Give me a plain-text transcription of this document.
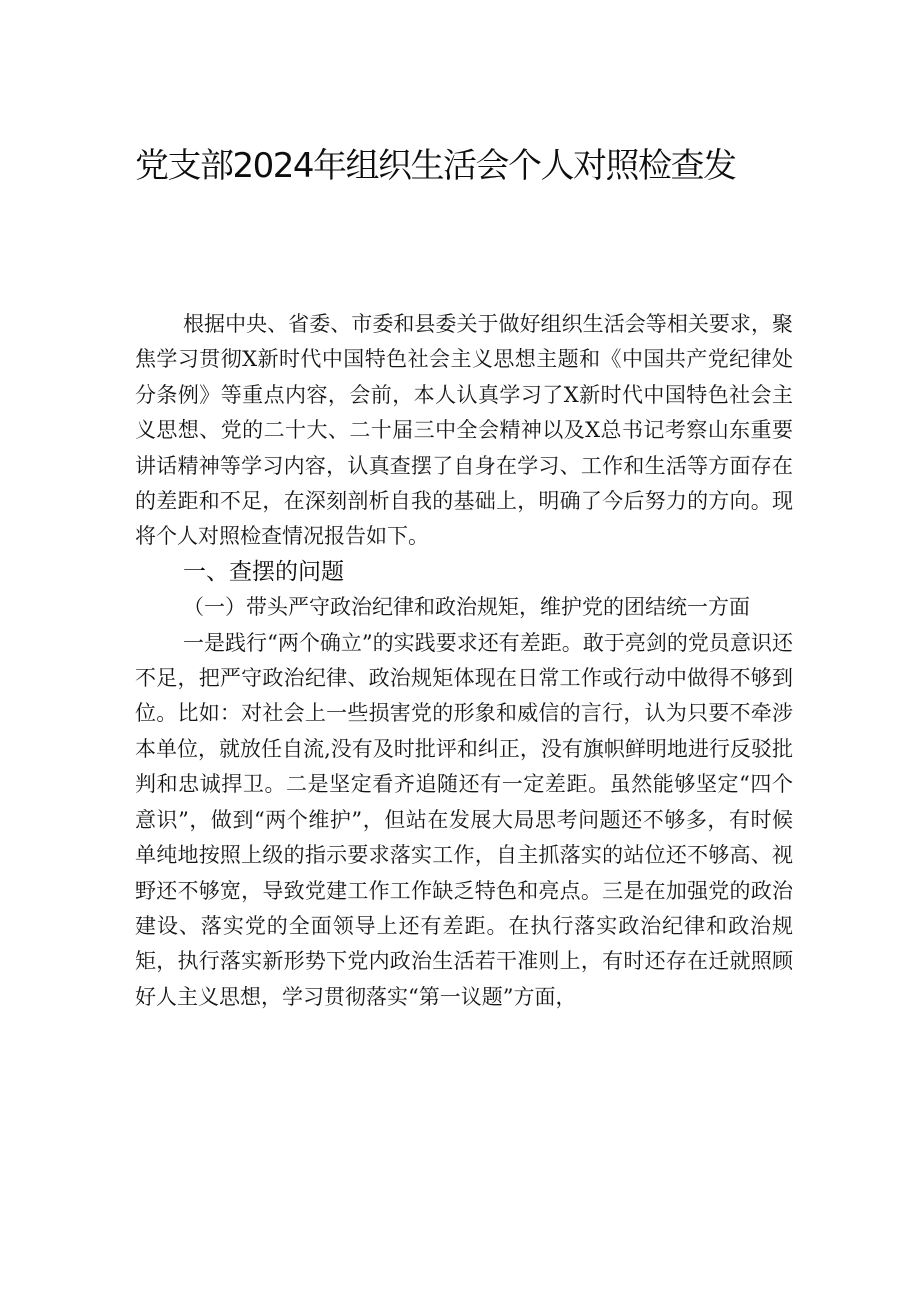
党支部2024年组织生活会个人对照检查发

根据中央、省委、市委和县委关于做好组织生活会等相关要求，聚焦学习贯彻X新时代中国特色社会主义思想主题和《中国共产党纪律处分条例》等重点内容，会前，本人认真学习了X新时代中国特色社会主义思想、党的二十大、二十届三中全会精神以及X总书记考察山东重要讲话精神等学习内容，认真查摆了自身在学习、工作和生活等方面存在的差距和不足，在深刻剖析自我的基础上，明确了今后努力的方向。现将个人对照检查情况报告如下。

一、查摆的问题

（一）带头严守政治纪律和政治规矩，维护党的团结统一方面

一是践行“两个确立”的实践要求还有差距。敢于亮剑的党员意识还不足，把严守政治纪律、政治规矩体现在日常工作或行动中做得不够到位。比如：对社会上一些损害党的形象和威信的言行，认为只要不牵涉本单位，就放任自流,没有及时批评和纠正，没有旗帜鲜明地进行反驳批判和忠诚捍卫。二是坚定看齐追随还有一定差距。虽然能够坚定“四个意识”，做到“两个维护”，但站在发展大局思考问题还不够多，有时候单纯地按照上级的指示要求落实工作，自主抓落实的站位还不够高、视野还不够宽，导致党建工作工作缺乏特色和亮点。三是在加强党的政治建设、落实党的全面领导上还有差距。在执行落实政治纪律和政治规矩，执行落实新形势下党内政治生活若干准则上，有时还存在迁就照顾好人主义思想，学习贯彻落实“第一议题”方面，
